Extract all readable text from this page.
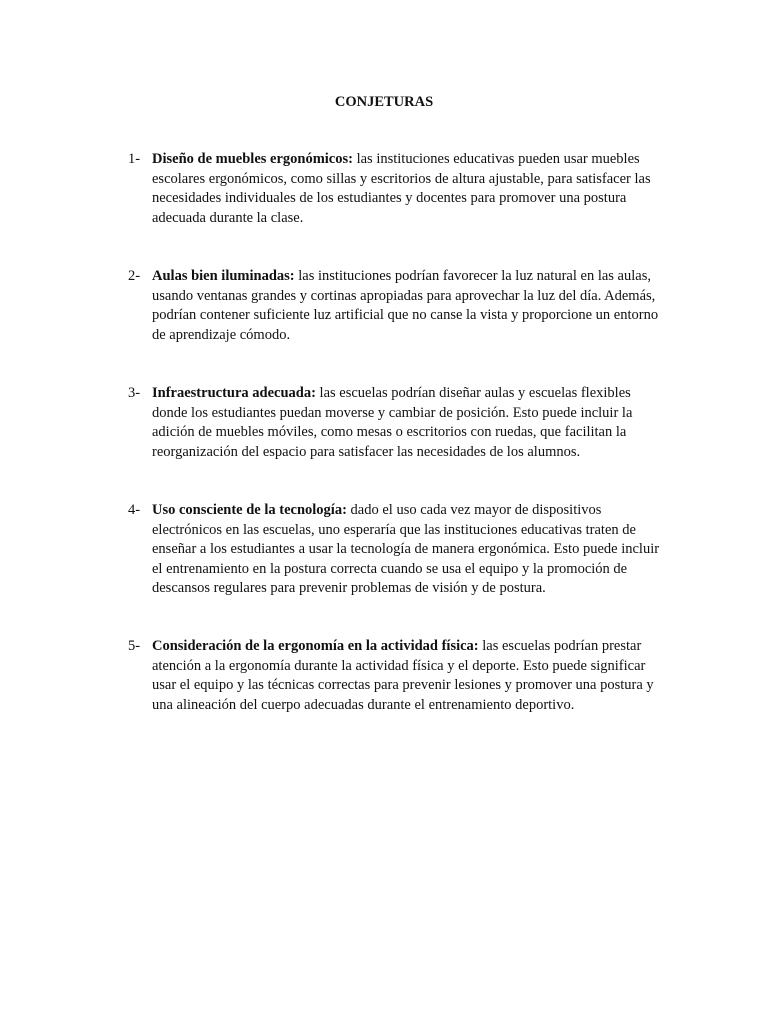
CONJETURAS
1- Diseño de muebles ergonómicos: las instituciones educativas pueden usar muebles escolares ergonómicos, como sillas y escritorios de altura ajustable, para satisfacer las necesidades individuales de los estudiantes y docentes para promover una postura adecuada durante la clase.
2- Aulas bien iluminadas: las instituciones podrían favorecer la luz natural en las aulas, usando ventanas grandes y cortinas apropiadas para aprovechar la luz del día. Además, podrían contener suficiente luz artificial que no canse la vista y proporcione un entorno de aprendizaje cómodo.
3- Infraestructura adecuada: las escuelas podrían diseñar aulas y escuelas flexibles donde los estudiantes puedan moverse y cambiar de posición. Esto puede incluir la adición de muebles móviles, como mesas o escritorios con ruedas, que facilitan la reorganización del espacio para satisfacer las necesidades de los alumnos.
4- Uso consciente de la tecnología: dado el uso cada vez mayor de dispositivos electrónicos en las escuelas, uno esperaría que las instituciones educativas traten de enseñar a los estudiantes a usar la tecnología de manera ergonómica. Esto puede incluir el entrenamiento en la postura correcta cuando se usa el equipo y la promoción de descansos regulares para prevenir problemas de visión y de postura.
5- Consideración de la ergonomía en la actividad física: las escuelas podrían prestar atención a la ergonomía durante la actividad física y el deporte. Esto puede significar usar el equipo y las técnicas correctas para prevenir lesiones y promover una postura y una alineación del cuerpo adecuadas durante el entrenamiento deportivo.
